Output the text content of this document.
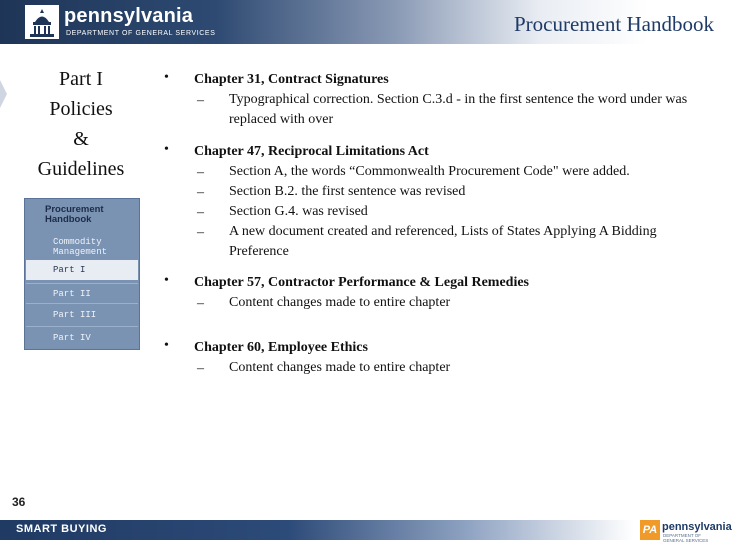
pennsylvania
DEPARTMENT OF GENERAL SERVICES	Procurement Handbook
Part I
Policies
&
Guidelines
Procurement
Handbook
Commodity
Management
Part I
Part II
Part III
Part IV
• Chapter 31, Contract Signatures
– Typographical correction. Section C.3.d - in the first sentence the word under was replaced with over
• Chapter 47, Reciprocal Limitations Act
– Section A, the words “Commonwealth Procurement Code" were added.
– Section B.2. the first sentence was revised
– Section G.4. was revised
– A new document created and referenced, Lists of States Applying A Bidding Preference
• Chapter 57, Contractor Performance & Legal Remedies
– Content changes made to entire chapter
• Chapter 60, Employee Ethics
– Content changes made to entire chapter
36
SMART BUYING	PA pennsylvania
DEPARTMENT OF GENERAL SERVICES
